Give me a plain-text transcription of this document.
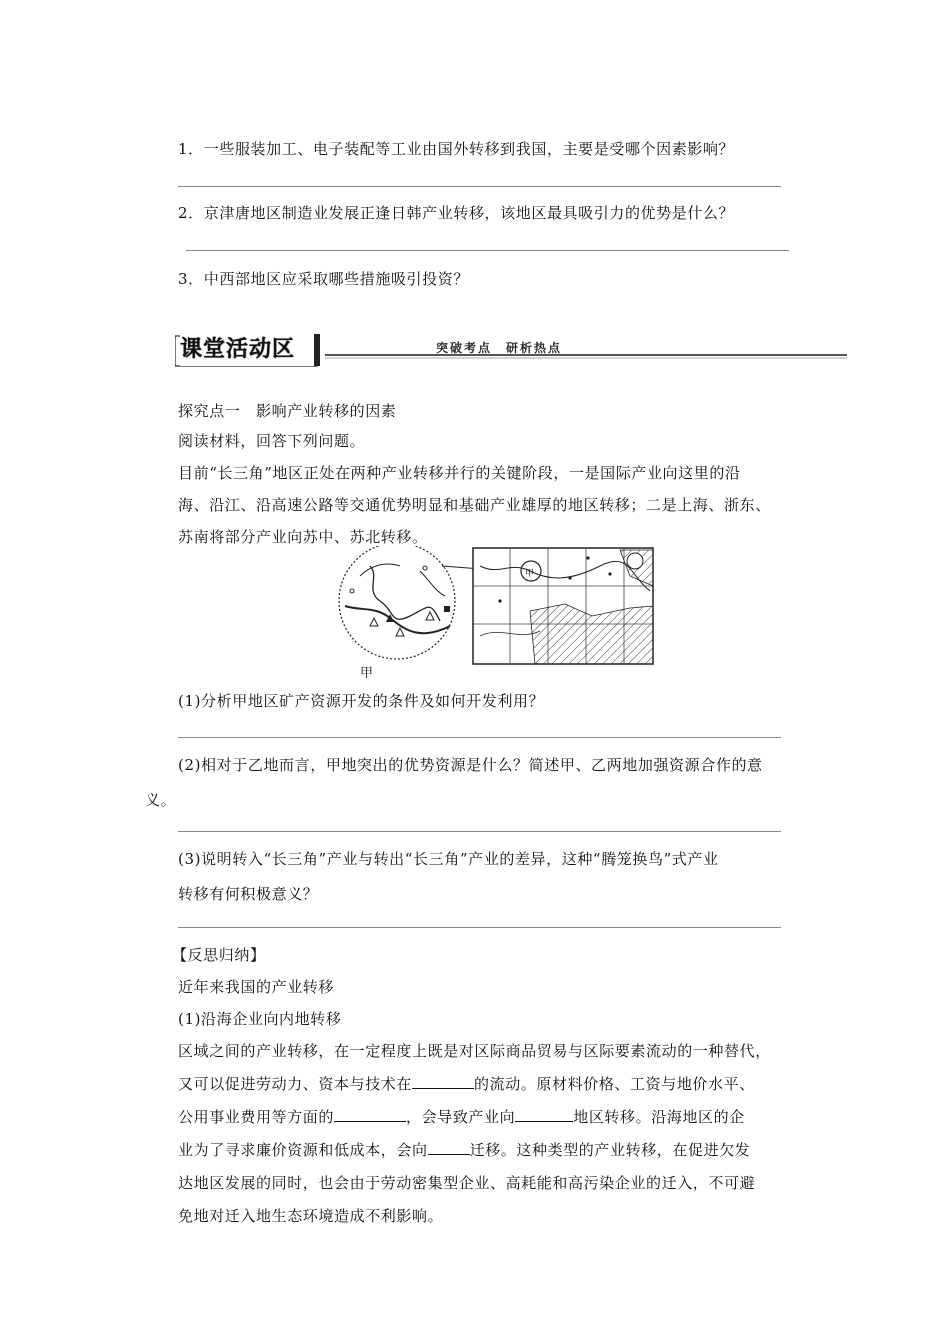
1．一些服装加工、电子装配等工业由国外转移到我国，主要是受哪个因素影响？
2．京津唐地区制造业发展正逢日韩产业转移，该地区最具吸引力的优势是什么？
3．中西部地区应采取哪些措施吸引投资？
课堂活动区	突破考点　研析热点
探究点一　影响产业转移的因素
阅读材料，回答下列问题。
目前“长三角”地区正处在两种产业转移并行的关键阶段，一是国际产业向这里的沿
海、沿江、沿高速公路等交通优势明显和基础产业雄厚的地区转移；二是上海、浙东、
苏南将部分产业向苏中、苏北转移。
甲
甲
(1)分析甲地区矿产资源开发的条件及如何开发利用？
(2)相对于乙地而言，甲地突出的优势资源是什么？简述甲、乙两地加强资源合作的意
义。
(3)说明转入“长三角”产业与转出“长三角”产业的差异，这种“腾笼换鸟”式产业
转移有何积极意义？
【反思归纳】
近年来我国的产业转移
(1)沿海企业向内地转移
区域之间的产业转移，在一定程度上既是对区际商品贸易与区际要素流动的一种替代，
又可以促进劳动力、资本与技术在	的流动。原材料价格、工资与地价水平、
公用事业费用等方面的	，会导致产业向	地区转移。沿海地区的企
业为了寻求廉价资源和低成本，会向	迁移。这种类型的产业转移，在促进欠发
达地区发展的同时，也会由于劳动密集型企业、高耗能和高污染企业的迁入，不可避
免地对迁入地生态环境造成不利影响。
